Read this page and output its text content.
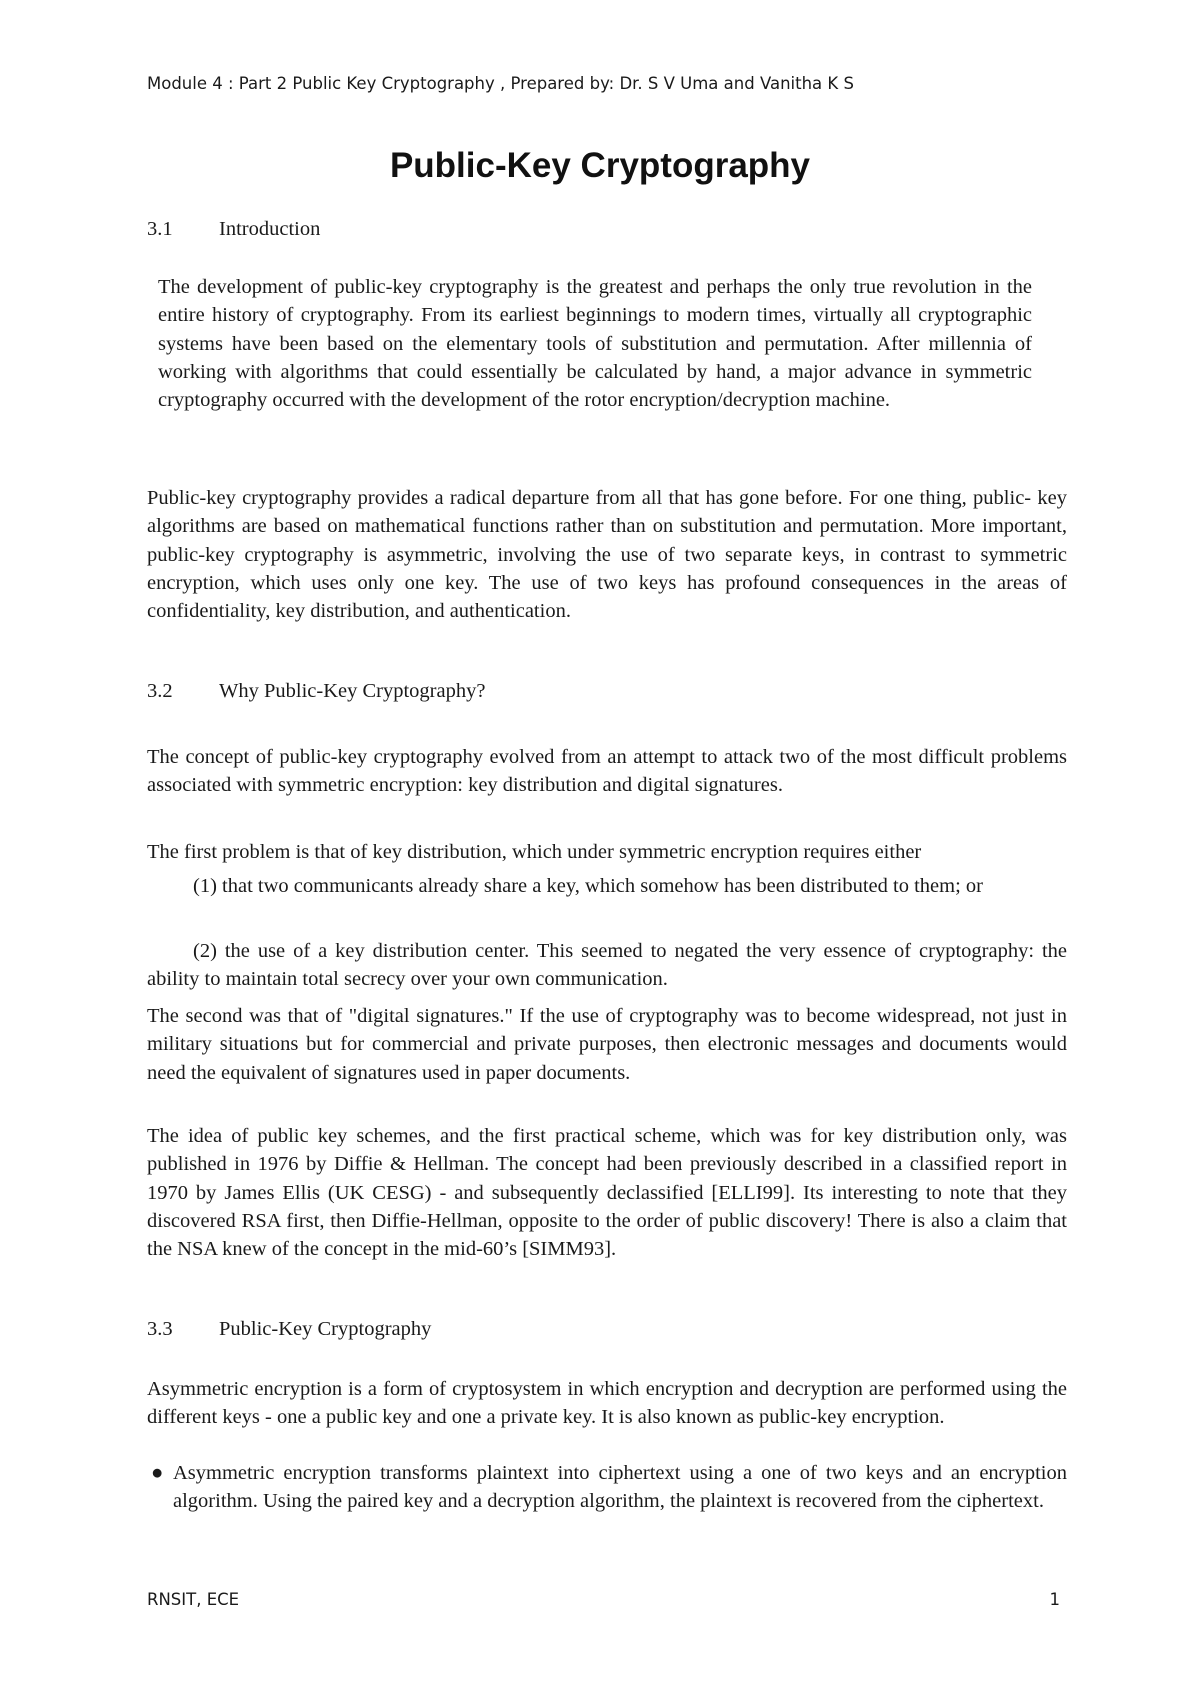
Module 4 : Part 2 Public Key Cryptography , Prepared by: Dr. S V Uma and Vanitha K S
Public-Key Cryptography
3.1 Introduction

The development of public-key cryptography is the greatest and perhaps the only true revolution in the entire history of cryptography. From its earliest beginnings to modern times, virtually all cryptographic systems have been based on the elementary tools of substitution and permutation. After millennia of working with algorithms that could essentially be calculated by hand, a major advance in symmetric cryptography occurred with the development of the rotor encryption/decryption machine.

Public-key cryptography provides a radical departure from all that has gone before. For one thing, public- key algorithms are based on mathematical functions rather than on substitution and permutation. More important, public-key cryptography is asymmetric, involving the use of two separate keys, in contrast to symmetric encryption, which uses only one key. The use of two keys has profound consequences in the areas of confidentiality, key distribution, and authentication.

3.2 Why Public-Key Cryptography?

The concept of public-key cryptography evolved from an attempt to attack two of the most difficult problems associated with symmetric encryption: key distribution and digital signatures.

The first problem is that of key distribution, which under symmetric encryption requires either

(1) that two communicants already share a key, which somehow has been distributed to them; or

(2) the use of a key distribution center. This seemed to negated the very essence of cryptography: the ability to maintain total secrecy over your own communication.

The second was that of "digital signatures." If the use of cryptography was to become widespread, not just in military situations but for commercial and private purposes, then electronic messages and documents would need the equivalent of signatures used in paper documents.

The idea of public key schemes, and the first practical scheme, which was for key distribution only, was published in 1976 by Diffie & Hellman. The concept had been previously described in a classified report in 1970 by James Ellis (UK CESG) - and subsequently declassified [ELLI99]. Its interesting to note that they discovered RSA first, then Diffie-Hellman, opposite to the order of public discovery! There is also a claim that the NSA knew of the concept in the mid-60’s [SIMM93].

3.3 Public-Key Cryptography

Asymmetric encryption is a form of cryptosystem in which encryption and decryption are performed using the different keys - one a public key and one a private key. It is also known as public-key encryption.

● Asymmetric encryption transforms plaintext into ciphertext using a one of two keys and an encryption algorithm. Using the paired key and a decryption algorithm, the plaintext is recovered from the ciphertext.
RNSIT, ECE	1
